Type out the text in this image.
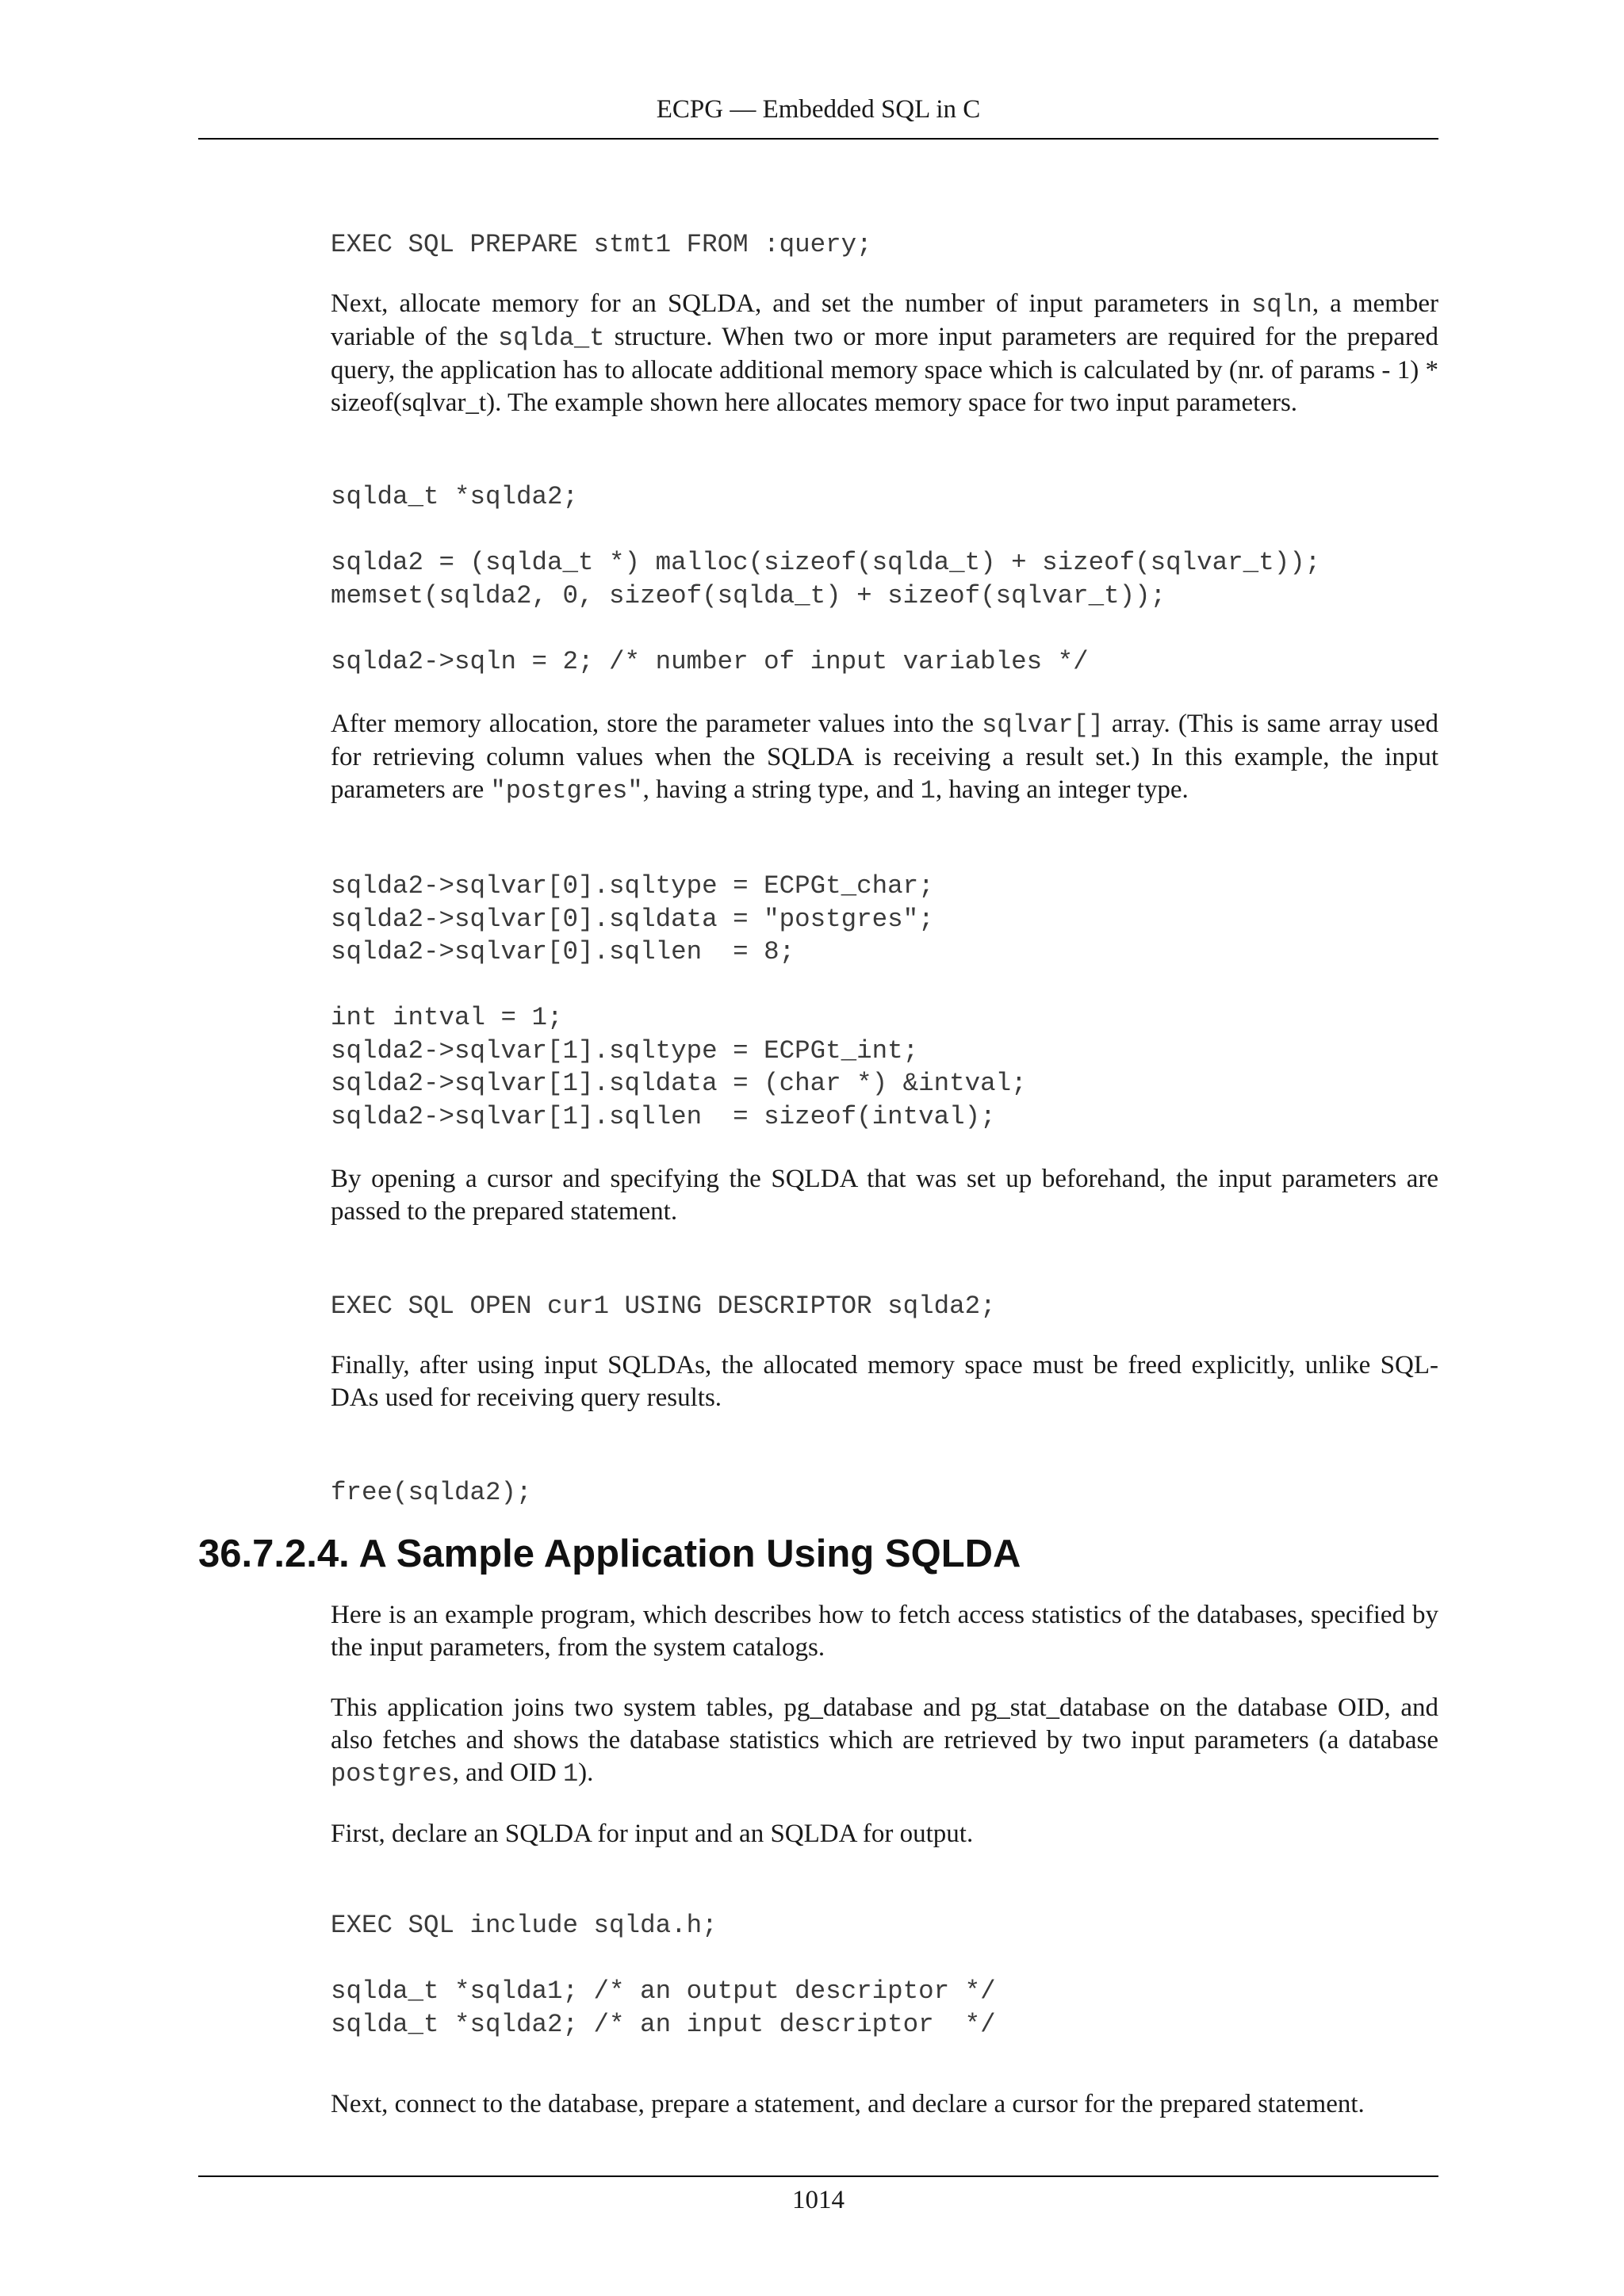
ECPG — Embedded SQL in C
EXEC SQL PREPARE stmt1 FROM :query;

Next, allocate memory for an SQLDA, and set the number of input parameters in sqln, a member variable of the sqlda_t structure. When two or more input parameters are required for the prepared query, the application has to allocate additional memory space which is calculated by (nr. of params - 1) * sizeof(sqlvar_t). The example shown here allocates memory space for two input parameters.

sqlda_t *sqlda2;

sqlda2 = (sqlda_t *) malloc(sizeof(sqlda_t) + sizeof(sqlvar_t));
memset(sqlda2, 0, sizeof(sqlda_t) + sizeof(sqlvar_t));

sqlda2->sqln = 2; /* number of input variables */

After memory allocation, store the parameter values into the sqlvar[] array. (This is same array used for retrieving column values when the SQLDA is receiving a result set.) In this example, the input parameters are "postgres", having a string type, and 1, having an integer type.

sqlda2->sqlvar[0].sqltype = ECPGt_char;
sqlda2->sqlvar[0].sqldata = "postgres";
sqlda2->sqlvar[0].sqllen  = 8;

int intval = 1;
sqlda2->sqlvar[1].sqltype = ECPGt_int;
sqlda2->sqlvar[1].sqldata = (char *) &intval;
sqlda2->sqlvar[1].sqllen  = sizeof(intval);

By opening a cursor and specifying the SQLDA that was set up beforehand, the input parameters are passed to the prepared statement.

EXEC SQL OPEN cur1 USING DESCRIPTOR sqlda2;

Finally, after using input SQLDAs, the allocated memory space must be freed explicitly, unlike SQL-DAs used for receiving query results.

free(sqlda2);
36.7.2.4. A Sample Application Using SQLDA

Here is an example program, which describes how to fetch access statistics of the databases, specified by the input parameters, from the system catalogs.

This application joins two system tables, pg_database and pg_stat_database on the database OID, and also fetches and shows the database statistics which are retrieved by two input parameters (a database postgres, and OID 1).

First, declare an SQLDA for input and an SQLDA for output.

EXEC SQL include sqlda.h;

sqlda_t *sqlda1; /* an output descriptor */
sqlda_t *sqlda2; /* an input descriptor  */

Next, connect to the database, prepare a statement, and declare a cursor for the prepared statement.

1014
